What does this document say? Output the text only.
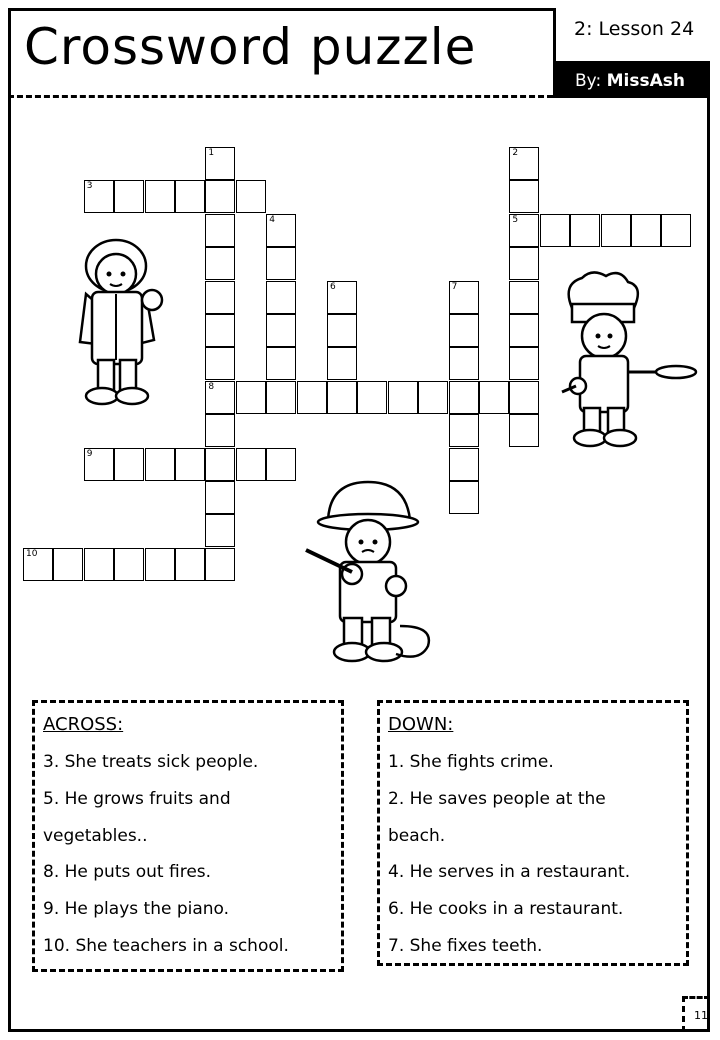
Crossword puzzle	2: Lesson 24
By: MissAsh
1	2
3
4	5
6	7
8
9
10
ACROSS:
3. She treats sick people.
5. He grows fruits and
vegetables..
8. He puts out fires.
9. He plays the piano.
10. She teachers in a school.
DOWN:
1. She fights crime.
2. He saves people at the
beach.
4. He serves in a restaurant.
6. He cooks in a restaurant.
7. She fixes teeth.
11
